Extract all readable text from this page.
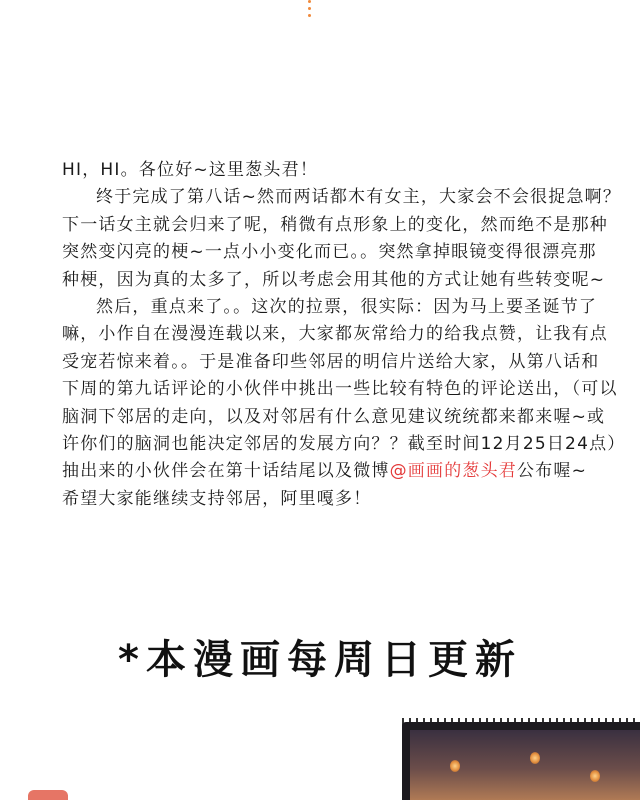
HI，HI。各位好~这里葱头君！

终于完成了第八话~然而两话都木有女主，大家会不会很捉急啊？

下一话女主就会归来了呢，稍微有点形象上的变化，然而绝不是那种

突然变闪亮的梗~一点小小变化而已。。突然拿掉眼镜变得很漂亮那

种梗，因为真的太多了，所以考虑会用其他的方式让她有些转变呢~

然后，重点来了。。这次的拉票，很实际：因为马上要圣诞节了

嘛，小作自在漫漫连载以来，大家都灰常给力的给我点赞，让我有点

受宠若惊来着。。于是准备印些邻居的明信片送给大家，从第八话和

下周的第九话评论的小伙伴中挑出一些比较有特色的评论送出，（可以

脑洞下邻居的走向，以及对邻居有什么意见建议统统都来都来喔~或

许你们的脑洞也能决定邻居的发展方向？？截至时间12月25日24点）

抽出来的小伙伴会在第十话结尾以及微博@画画的葱头君公布喔~

希望大家能继续支持邻居，阿里嘎多！

*本漫画每周日更新
